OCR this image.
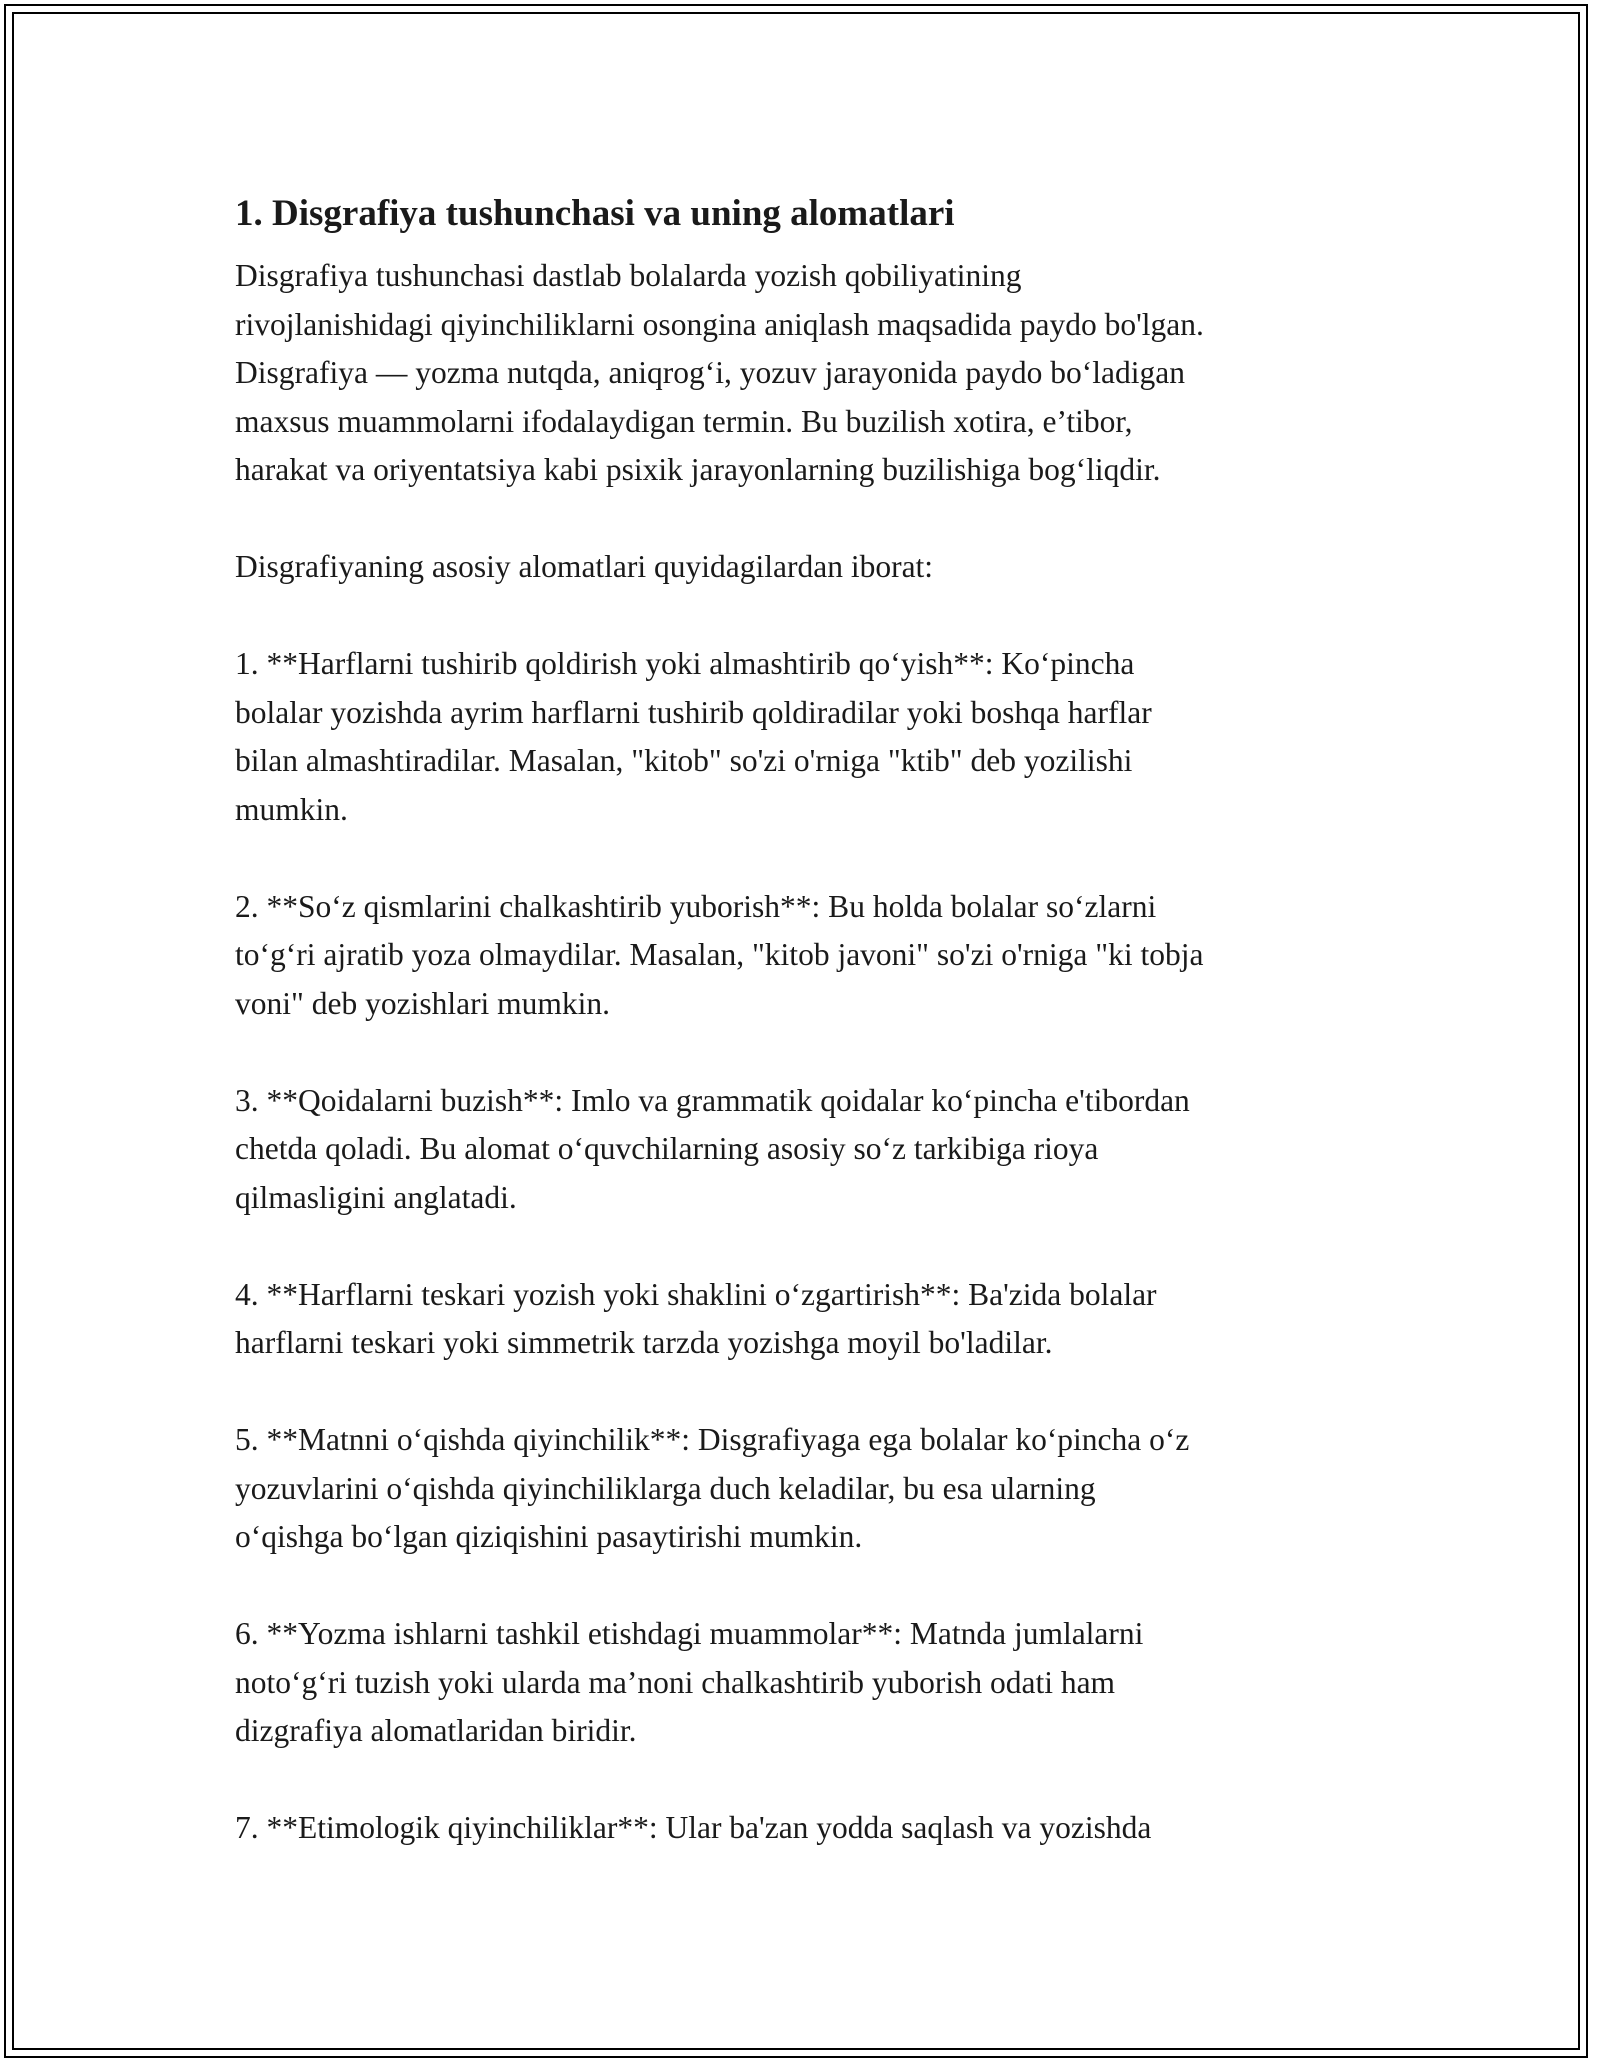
1. Disgrafiya tushunchasi va uning alomatlari

Disgrafiya tushunchasi dastlab bolalarda yozish qobiliyatining
rivojlanishidagi qiyinchiliklarni osongina aniqlash maqsadida paydo bo'lgan.
Disgrafiya — yozma nutqda, aniqrog‘i, yozuv jarayonida paydo bo‘ladigan
maxsus muammolarni ifodalaydigan termin. Bu buzilish xotira, e’tibor,
harakat va oriyentatsiya kabi psixik jarayonlarning buzilishiga bog‘liqdir.

Disgrafiyaning asosiy alomatlari quyidagilardan iborat:

1. **Harflarni tushirib qoldirish yoki almashtirib qo‘yish**: Ko‘pincha
bolalar yozishda ayrim harflarni tushirib qoldiradilar yoki boshqa harflar
bilan almashtiradilar. Masalan, "kitob" so'zi o'rniga "ktib" deb yozilishi
mumkin.

2. **So‘z qismlarini chalkashtirib yuborish**: Bu holda bolalar so‘zlarni
to‘g‘ri ajratib yoza olmaydilar. Masalan, "kitob javoni" so'zi o'rniga "ki tobja
voni" deb yozishlari mumkin.

3. **Qoidalarni buzish**: Imlo va grammatik qoidalar ko‘pincha e'tibordan
chetda qoladi. Bu alomat o‘quvchilarning asosiy so‘z tarkibiga rioya
qilmasligini anglatadi.

4. **Harflarni teskari yozish yoki shaklini o‘zgartirish**: Ba'zida bolalar
harflarni teskari yoki simmetrik tarzda yozishga moyil bo'ladilar.

5. **Matnni o‘qishda qiyinchilik**: Disgrafiyaga ega bolalar ko‘pincha o‘z
yozuvlarini o‘qishda qiyinchiliklarga duch keladilar, bu esa ularning
o‘qishga bo‘lgan qiziqishini pasaytirishi mumkin.

6. **Yozma ishlarni tashkil etishdagi muammolar**: Matnda jumlalarni
noto‘g‘ri tuzish yoki ularda ma’noni chalkashtirib yuborish odati ham
dizgrafiya alomatlaridan biridir.

7. **Etimologik qiyinchiliklar**: Ular ba'zan yodda saqlash va yozishda
